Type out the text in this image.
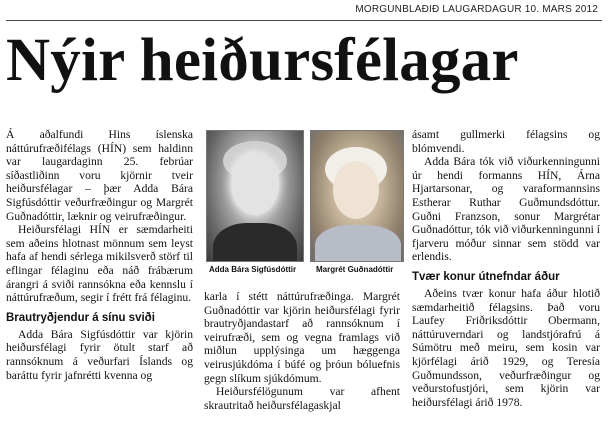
MORGUNBLAÐIÐ LAUGARDAGUR 10. MARS 2012
Nýir heiðursfélagar

Á aðalfundi Hins íslenska náttúrufræðifélags (HÍN) sem haldinn var laugardaginn 25. febrúar síðastliðinn voru kjörnir tveir heiðursfélagar – þær Adda Bára Sigfúsdóttir veðurfræðingur og Margrét Guðnadóttir, læknir og veirufræðingur.

Heiðursfélagi HÍN er sæmdarheiti sem aðeins hlotnast mönnum sem leyst hafa af hendi sérlega mikilsverð störf til eflingar félaginu eða náð frábærum árangri á sviði rannsókna eða kennslu í náttúrufræðum, segir í frétt frá félaginu.

Brautryðjendur á sínu sviði

Adda Bára Sigfúsdóttir var kjörin heiðursfélagi fyrir ötult starf að rannsóknum á veðurfari Íslands og baráttu fyrir jafnrétti kvenna og

Adda Bára Sigfúsdóttir	Margrét Guðnadóttir

karla í stétt náttúrufræðinga. Margrét Guðnadóttir var kjörin heiðursfélagi fyrir brautryðjandastarf að rannsóknum í veirufræði, sem og vegna framlags við miðlun upplýsinga um hæggenga veirusjúkdóma í búfé og þróun bóluefnis gegn slíkum sjúkdómum.

Heiðursfélögunum var afhent skrautritað heiðursfélagaskjal

ásamt gullmerki félagsins og blómvendi.

Adda Bára tók við viðurkenningunni úr hendi formanns HÍN, Árna Hjartarsonar, og varaformannsins Estherar Ruthar Guðmundsdóttur. Guðni Franzson, sonur Margrétar Guðnadóttur, tók við viðurkenningunni í fjarveru móður sinnar sem stödd var erlendis.

Tvær konur útnefndar áður

Aðeins tvær konur hafa áður hlotið sæmdarheitið félagsins. Það voru Laufey Friðriksdóttir Obermann, náttúruverndari og landstjórafrú á Súmötru með meiru, sem kosin var kjörfélagi árið 1929, og Teresía Guðmundsson, veðurfræðingur og veðurstofustjóri, sem kjörin var heiðursfélagi árið 1978.
